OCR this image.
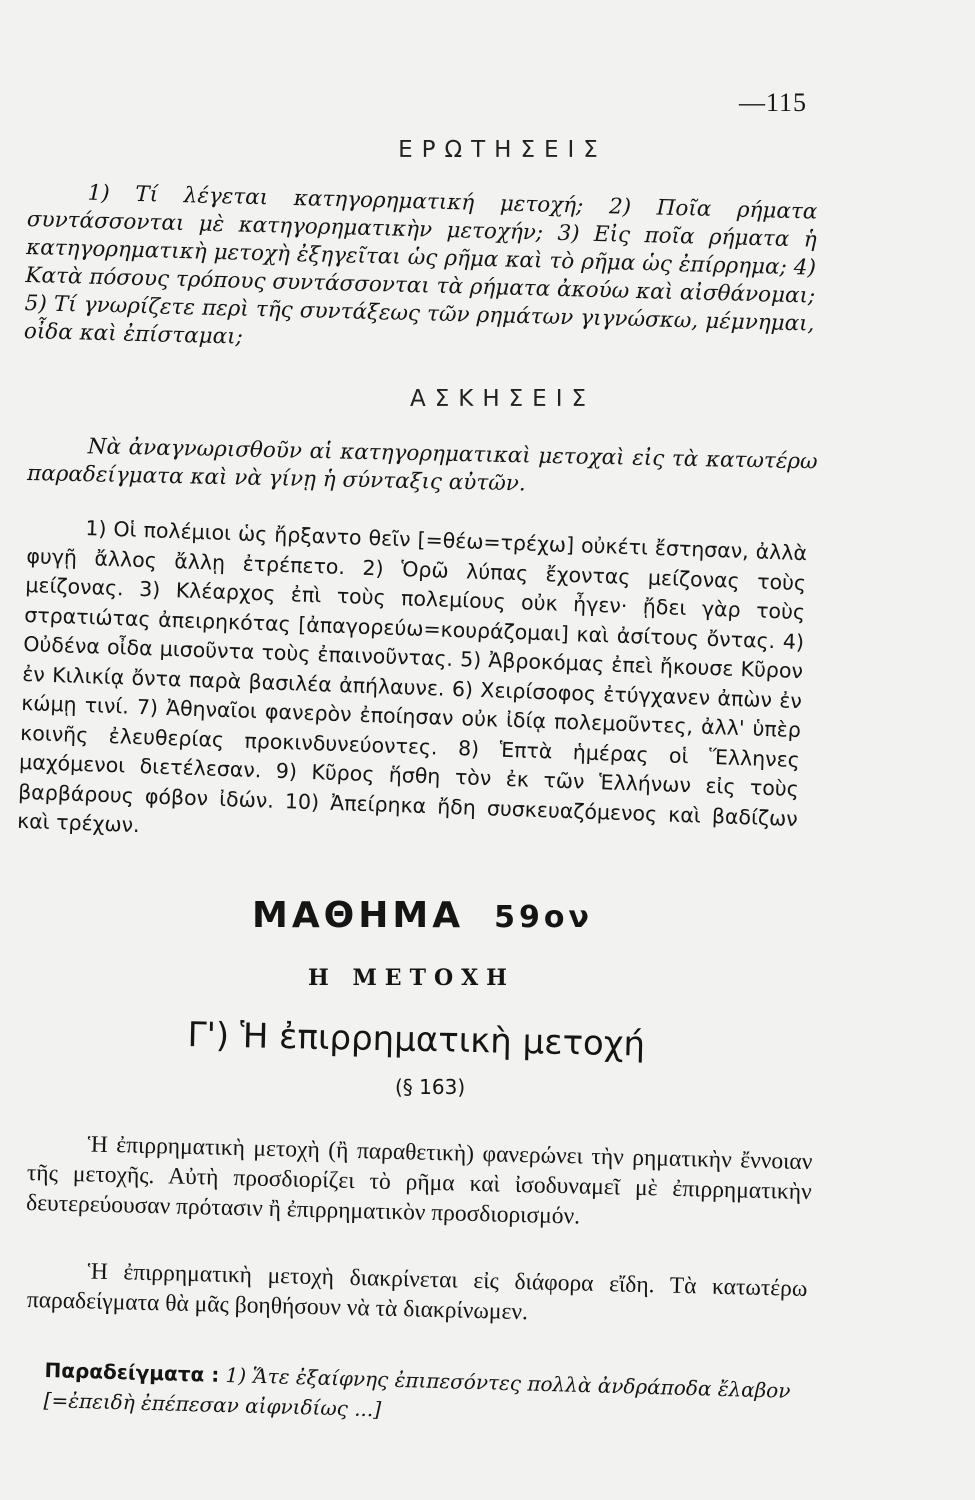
—115
ΕΡΩΤΗΣΕΙΣ

1) Τί λέγεται κατηγορηματική μετοχή; 2) Ποῖα ρήματα συντάσσονται μὲ κατηγορηματικὴν μετοχήν; 3) Εἰς ποῖα ρήματα ἡ κατηγορηματικὴ μετοχὴ ἐξηγεῖται ὡς ρῆμα καὶ τὸ ρῆμα ὡς ἐπίρρημα; 4) Κατὰ πόσους τρόπους συντάσσονται τὰ ρήματα ἀκούω καὶ αἰσθάνομαι; 5) Τί γνωρίζετε περὶ τῆς συντάξεως τῶν ρημάτων γιγνώσκω, μέμνημαι, οἶδα καὶ ἐπίσταμαι;

ΑΣΚΗΣΕΙΣ

Νὰ ἀναγνωρισθοῦν αἱ κατηγορηματικαὶ μετοχαὶ εἰς τὰ κατωτέρω παραδείγματα καὶ νὰ γίνῃ ἡ σύνταξις αὐτῶν.

1) Οἱ πολέμιοι ὡς ἤρξαντο θεῖν [=θέω=τρέχω] οὐκέτι ἔστησαν, ἀλλὰ φυγῇ ἄλλος ἄλλῃ ἐτρέπετο. 2) Ὁρῶ λύπας ἔχοντας μείζονας τοὺς μείζονας. 3) Κλέαρχος ἐπὶ τοὺς πολεμίους οὐκ ἦγεν· ᾔδει γὰρ τοὺς στρατιώτας ἀπειρηκότας [ἀπαγορεύω=κουράζομαι] καὶ ἀσίτους ὄντας. 4) Οὐδένα οἶδα μισοῦντα τοὺς ἐπαινοῦντας. 5) Ἀβροκόμας ἐπεὶ ἤκουσε Κῦρον ἐν Κιλικίᾳ ὄντα παρὰ βασιλέα ἀπήλαυνε. 6) Χειρίσοφος ἐτύγχανεν ἀπὼν ἐν κώμῃ τινί. 7) Ἀθηναῖοι φανερὸν ἐποίησαν οὐκ ἰδίᾳ πολεμοῦντες, ἀλλ' ὑπὲρ κοινῆς ἐλευθερίας προκινδυνεύοντες. 8) Ἑπτὰ ἡμέρας οἱ Ἕλληνες μαχόμενοι διετέλεσαν. 9) Κῦρος ἥσθη τὸν ἐκ τῶν Ἑλλήνων εἰς τοὺς βαρβάρους φόβον ἰδών. 10) Ἀπείρηκα ἤδη συσκευαζόμενος καὶ βαδίζων καὶ τρέχων.

ΜΑΘΗΜΑ 59ον
Η ΜΕΤΟΧΗ
Γ') Ἡ ἐπιρρηματικὴ μετοχή
(§ 163)

Ἡ ἐπιρρηματικὴ μετοχὴ (ἢ παραθετικὴ) φανερώνει τὴν ρηματικὴν ἔννοιαν τῆς μετοχῆς. Αὐτὴ προσδιορίζει τὸ ρῆμα καὶ ἰσοδυναμεῖ μὲ ἐπιρρηματικὴν δευτερεύουσαν πρότασιν ἢ ἐπιρρηματικὸν προσδιορισμόν.

Ἡ ἐπιρρηματικὴ μετοχὴ διακρίνεται εἰς διάφορα εἴδη. Τὰ κατωτέρω παραδείγματα θὰ μᾶς βοηθήσουν νὰ τὰ διακρίνωμεν.

Παραδείγματα : 1) Ἅτε ἐξαίφνης ἐπιπεσόντες πολλὰ ἀνδράποδα ἔλαβον [=ἐπειδὴ ἐπέπεσαν αἰφνιδίως ...]
